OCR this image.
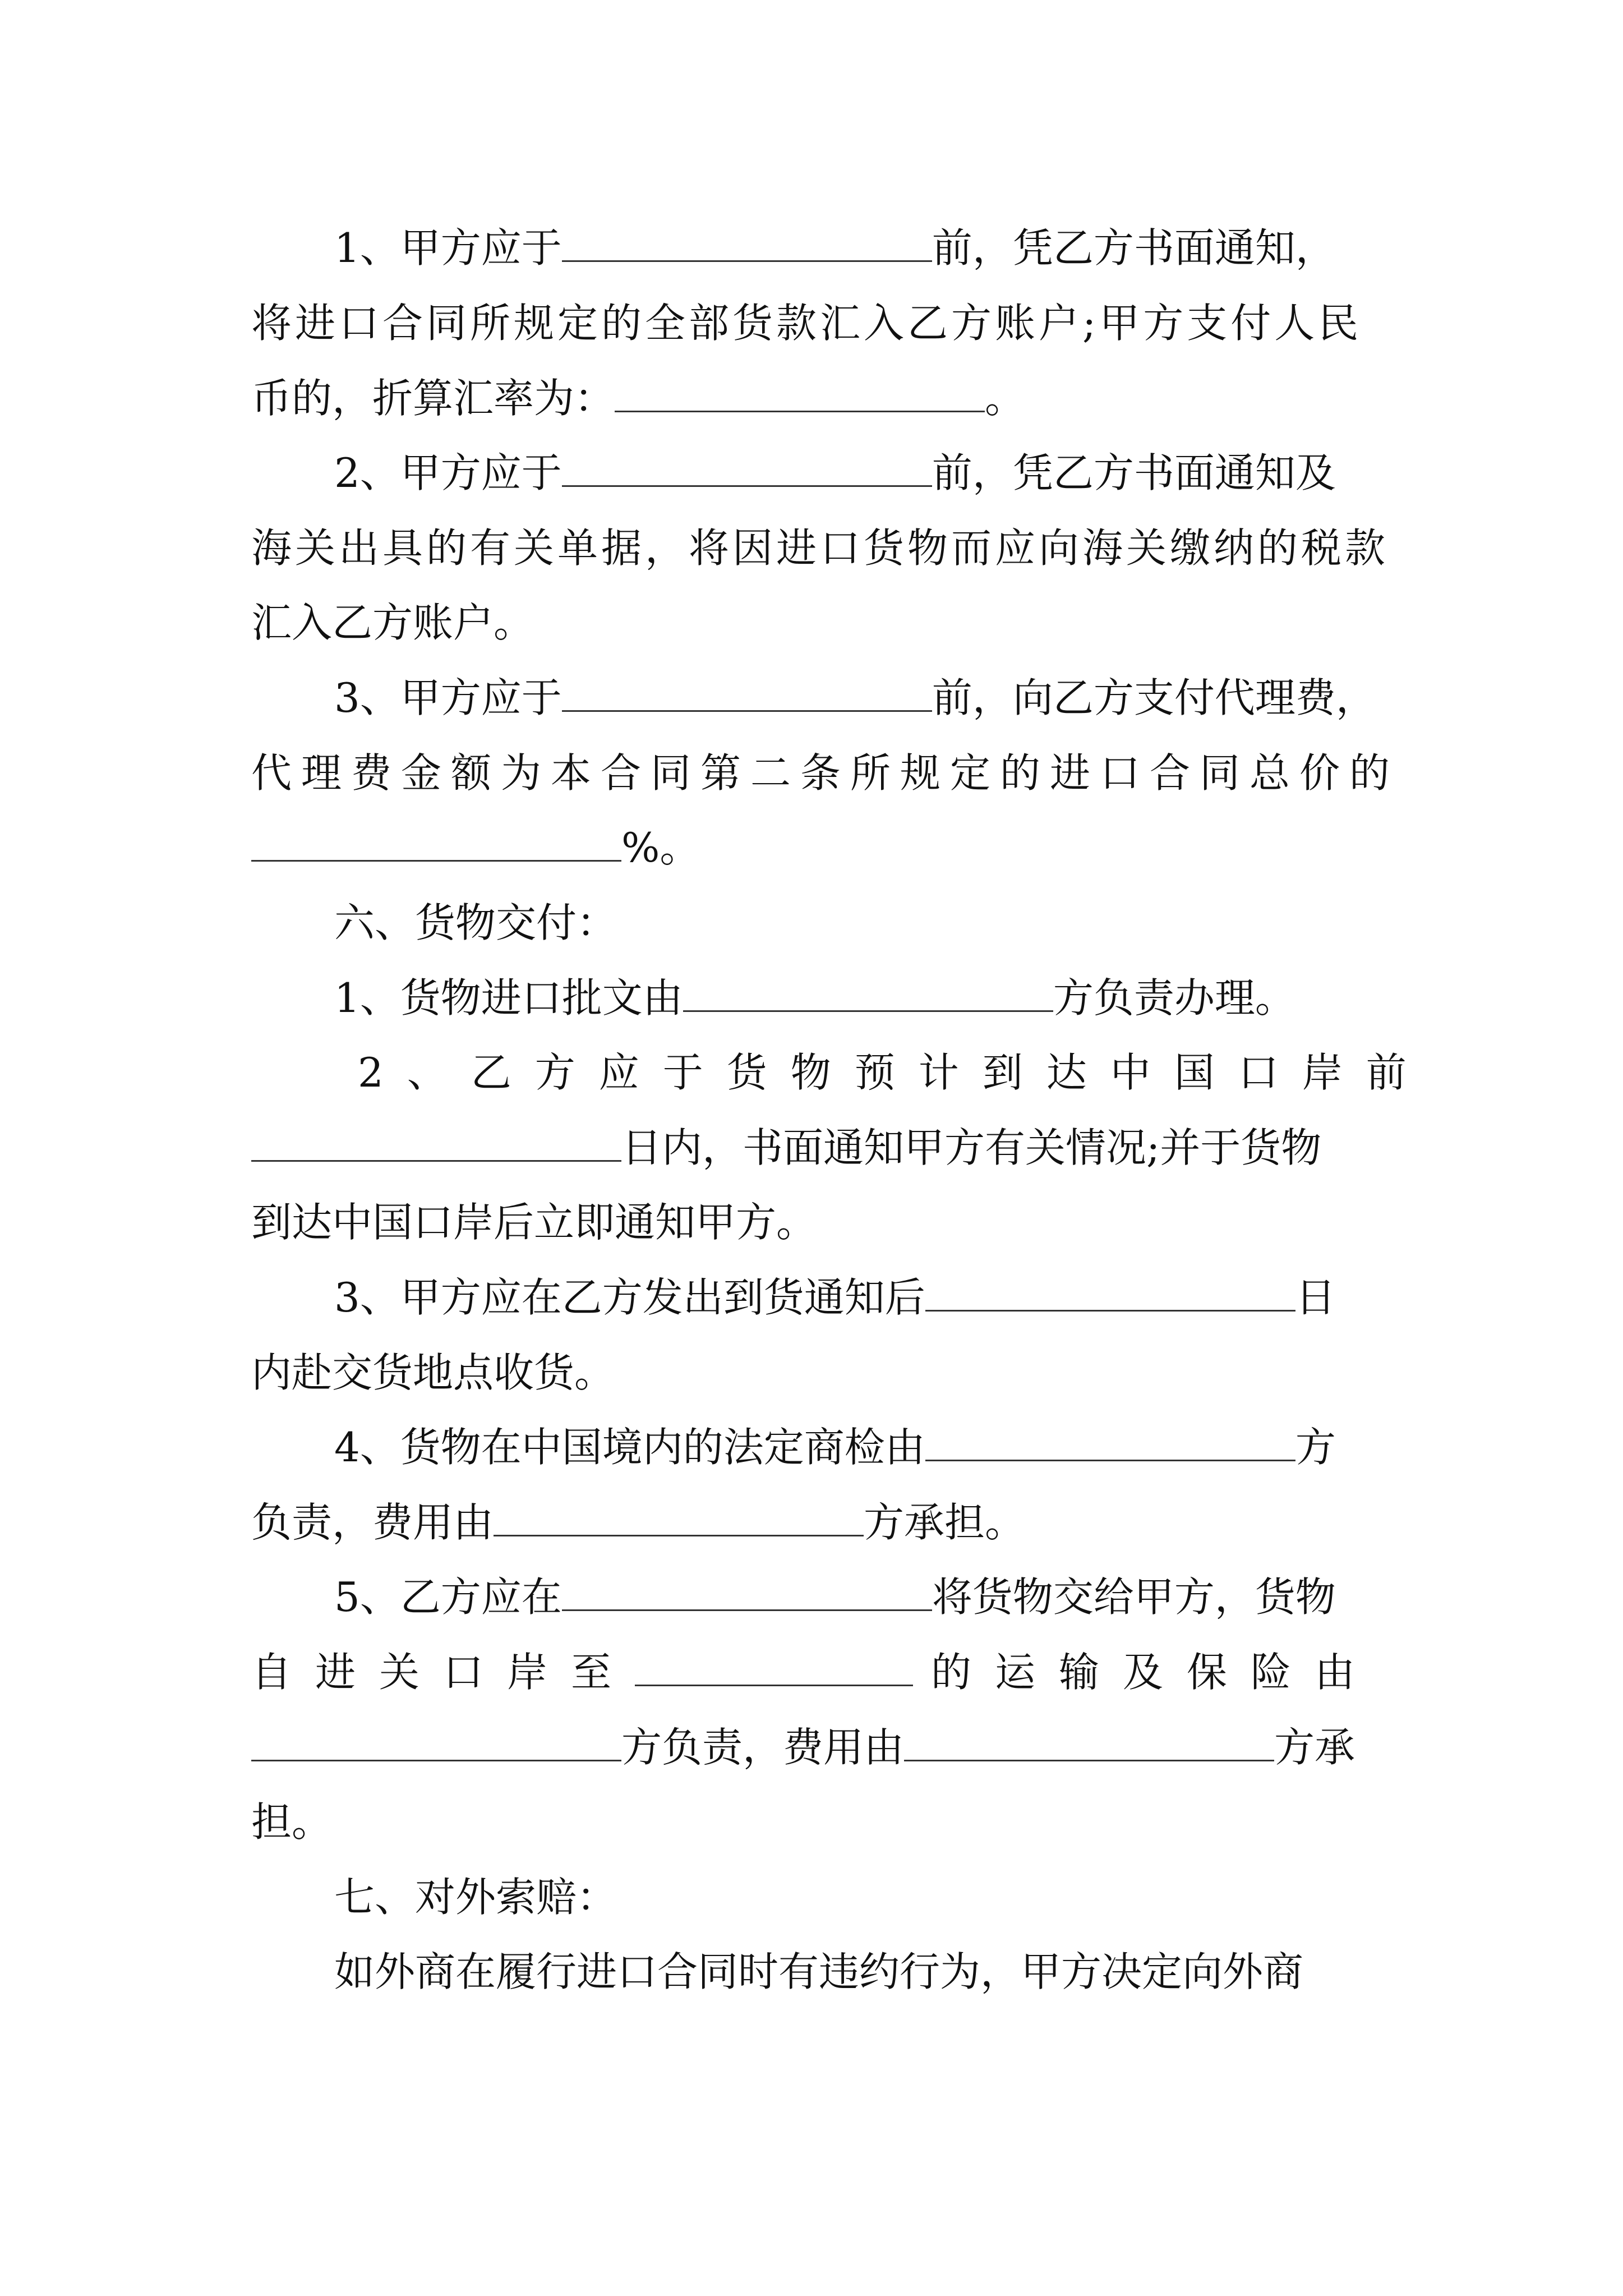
1、甲方应于	前，凭乙方书面通知，
将进口合同所规定的全部货款汇入乙方账户;甲方支付人民
币的，折算汇率为：	。
2、甲方应于	前，凭乙方书面通知及
海关出具的有关单据，将因进口货物而应向海关缴纳的税款
汇入乙方账户。
3、甲方应于	前，向乙方支付代理费，
代理费金额为本合同第二条所规定的进口合同总价的
%。
六、货物交付：
1、货物进口批文由	方负责办理。
2、乙方应于货物预计到达中国口岸前
日内，书面通知甲方有关情况;并于货物
到达中国口岸后立即通知甲方。
3、甲方应在乙方发出到货通知后	日
内赴交货地点收货。
4、货物在中国境内的法定商检由	方
负责，费用由	方承担。
5、乙方应在	将货物交给甲方，货物
自进关口岸至	的运输及保险由
方负责，费用由	方承
担。
七、对外索赔：
如外商在履行进口合同时有违约行为，甲方决定向外商
